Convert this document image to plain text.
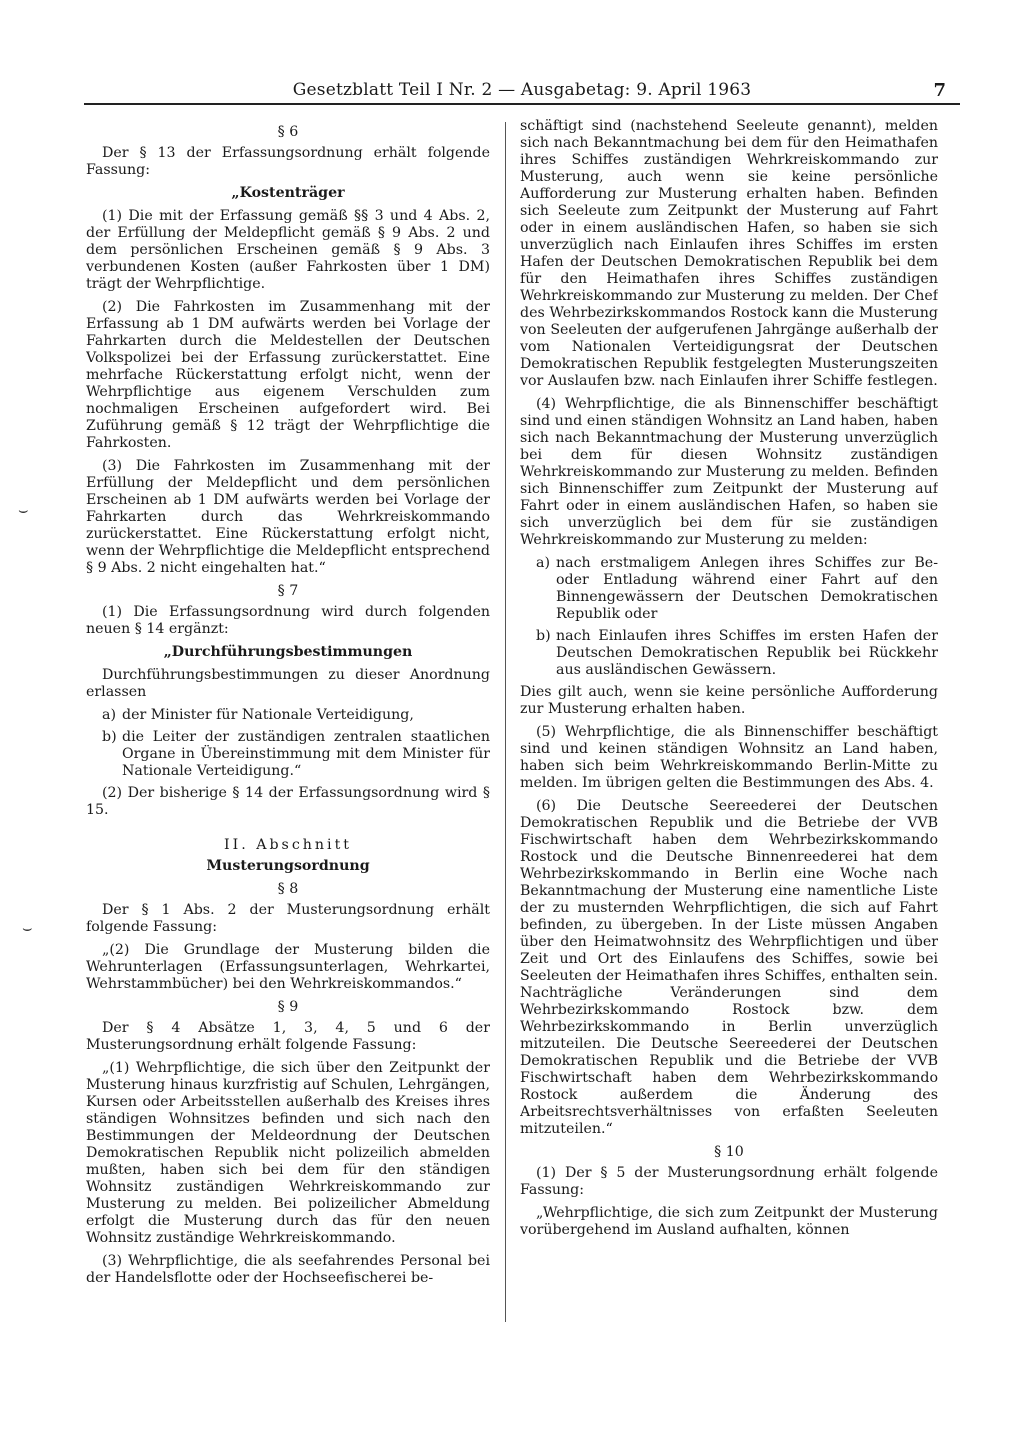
Gesetzblatt Teil I Nr. 2 — Ausgabetag: 9. April 1963	7
⌣
⌣

§ 6

Der § 13 der Erfassungsordnung erhält folgende Fassung:

„Kostenträger

(1) Die mit der Erfassung gemäß §§ 3 und 4 Abs. 2, der Erfüllung der Meldepflicht gemäß § 9 Abs. 2 und dem persönlichen Erscheinen gemäß § 9 Abs. 3 verbundenen Kosten (außer Fahrkosten über 1 DM) trägt der Wehrpflichtige.

(2) Die Fahrkosten im Zusammenhang mit der Erfassung ab 1 DM aufwärts werden bei Vorlage der Fahrkarten durch die Meldestellen der Deutschen Volkspolizei bei der Erfassung zurückerstattet. Eine mehrfache Rückerstattung erfolgt nicht, wenn der Wehrpflichtige aus eigenem Verschulden zum nochmaligen Erscheinen aufgefordert wird. Bei Zuführung gemäß § 12 trägt der Wehrpflichtige die Fahrkosten.

(3) Die Fahrkosten im Zusammenhang mit der Erfüllung der Meldepflicht und dem persönlichen Erscheinen ab 1 DM aufwärts werden bei Vorlage der Fahrkarten durch das Wehrkreiskommando zurückerstattet. Eine Rückerstattung erfolgt nicht, wenn der Wehrpflichtige die Meldepflicht entsprechend § 9 Abs. 2 nicht eingehalten hat.“

§ 7

(1) Die Erfassungsordnung wird durch folgenden neuen § 14 ergänzt:

„Durchführungsbestimmungen

Durchführungsbestimmungen zu dieser Anordnung erlassen

a) der Minister für Nationale Verteidigung,
b) die Leiter der zuständigen zentralen staatlichen Organe in Übereinstimmung mit dem Minister für Nationale Verteidigung.“

(2) Der bisherige § 14 der Erfassungsordnung wird § 15.

II. Abschnitt

Musterungsordnung

§ 8

Der § 1 Abs. 2 der Musterungsordnung erhält folgende Fassung:

„(2) Die Grundlage der Musterung bilden die Wehrunterlagen (Erfassungsunterlagen, Wehrkartei, Wehrstammbücher) bei den Wehrkreiskommandos.“

§ 9

Der § 4 Absätze 1, 3, 4, 5 und 6 der Musterungsordnung erhält folgende Fassung:

„(1) Wehrpflichtige, die sich über den Zeitpunkt der Musterung hinaus kurzfristig auf Schulen, Lehrgängen, Kursen oder Arbeitsstellen außerhalb des Kreises ihres ständigen Wohnsitzes befinden und sich nach den Bestimmungen der Meldeordnung der Deutschen Demokratischen Republik nicht polizeilich abmelden mußten, haben sich bei dem für den ständigen Wohnsitz zuständigen Wehrkreiskommando zur Musterung zu melden. Bei polizeilicher Abmeldung erfolgt die Musterung durch das für den neuen Wohnsitz zuständige Wehrkreiskommando.

(3) Wehrpflichtige, die als seefahrendes Personal bei der Handelsflotte oder der Hochseefischerei be-

schäftigt sind (nachstehend Seeleute genannt), melden sich nach Bekanntmachung bei dem für den Heimathafen ihres Schiffes zuständigen Wehrkreiskommando zur Musterung, auch wenn sie keine persönliche Aufforderung zur Musterung erhalten haben. Befinden sich Seeleute zum Zeitpunkt der Musterung auf Fahrt oder in einem ausländischen Hafen, so haben sie sich unverzüglich nach Einlaufen ihres Schiffes im ersten Hafen der Deutschen Demokratischen Republik bei dem für den Heimathafen ihres Schiffes zuständigen Wehrkreiskommando zur Musterung zu melden. Der Chef des Wehrbezirkskommandos Rostock kann die Musterung von Seeleuten der aufgerufenen Jahrgänge außerhalb der vom Nationalen Verteidigungsrat der Deutschen Demokratischen Republik festgelegten Musterungszeiten vor Auslaufen bzw. nach Einlaufen ihrer Schiffe festlegen.

(4) Wehrpflichtige, die als Binnenschiffer beschäftigt sind und einen ständigen Wohnsitz an Land haben, haben sich nach Bekanntmachung der Musterung unverzüglich bei dem für diesen Wohnsitz zuständigen Wehrkreiskommando zur Musterung zu melden. Befinden sich Binnenschiffer zum Zeitpunkt der Musterung auf Fahrt oder in einem ausländischen Hafen, so haben sie sich unverzüglich bei dem für sie zuständigen Wehrkreiskommando zur Musterung zu melden:

a) nach erstmaligem Anlegen ihres Schiffes zur Be- oder Entladung während einer Fahrt auf den Binnengewässern der Deutschen Demokratischen Republik oder
b) nach Einlaufen ihres Schiffes im ersten Hafen der Deutschen Demokratischen Republik bei Rückkehr aus ausländischen Gewässern.

Dies gilt auch, wenn sie keine persönliche Aufforderung zur Musterung erhalten haben.

(5) Wehrpflichtige, die als Binnenschiffer beschäftigt sind und keinen ständigen Wohnsitz an Land haben, haben sich beim Wehrkreiskommando Berlin-Mitte zu melden. Im übrigen gelten die Bestimmungen des Abs. 4.

(6) Die Deutsche Seereederei der Deutschen Demokratischen Republik und die Betriebe der VVB Fischwirtschaft haben dem Wehrbezirkskommando Rostock und die Deutsche Binnenreederei hat dem Wehrbezirkskommando in Berlin eine Woche nach Bekanntmachung der Musterung eine namentliche Liste der zu musternden Wehrpflichtigen, die sich auf Fahrt befinden, zu übergeben. In der Liste müssen Angaben über den Heimatwohnsitz des Wehrpflichtigen und über Zeit und Ort des Einlaufens des Schiffes, sowie bei Seeleuten der Heimathafen ihres Schiffes, enthalten sein. Nachträgliche Veränderungen sind dem Wehrbezirkskommando Rostock bzw. dem Wehrbezirkskommando in Berlin unverzüglich mitzuteilen. Die Deutsche Seereederei der Deutschen Demokratischen Republik und die Betriebe der VVB Fischwirtschaft haben dem Wehrbezirkskommando Rostock außerdem die Änderung des Arbeitsrechtsverhältnisses von erfaßten Seeleuten mitzuteilen.“

§ 10

(1) Der § 5 der Musterungsordnung erhält folgende Fassung:

„Wehrpflichtige, die sich zum Zeitpunkt der Musterung vorübergehend im Ausland aufhalten, können
